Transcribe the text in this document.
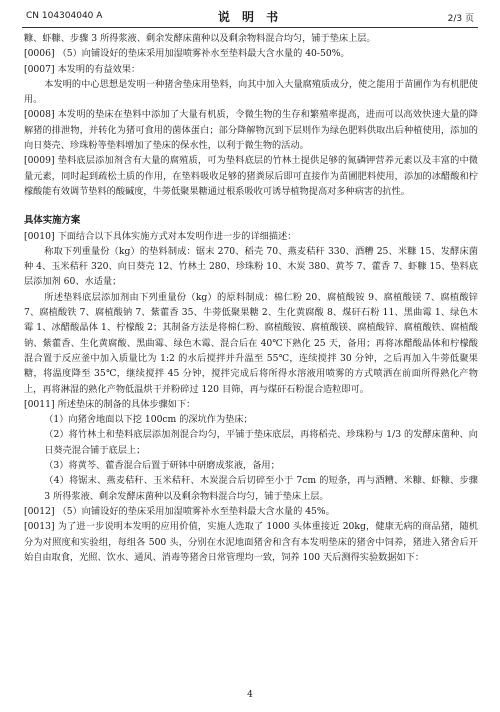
CN 104304040 A	说 明 书	2/3 页

糠、虾糠、步骤 3 所得浆液、剩余发酵床菌种以及剩余物料混合均匀，铺于垫床上层。

[0006] （5）向铺设好的垫床采用加湿喷雾补水至垫料最大含水量的 40-50%。

[0007] 本发明的有益效果：

本发明的中心思想是发明一种猪舍垫床用垫料，向其中加入大量腐殖质成分，使之能用于苗圃作为有机肥使用。

[0008] 本发明的垫床在垫料中添加了大量有机质，令微生物的生存和繁殖率提高，进而可以高效快速大量的降解猪的排泄物，并转化为猪可食用的菌体蛋白；部分降解物沉到下层则作为绿色肥料供取出后种植使用，添加的向日葵壳、珍珠粉等垫料增加了垫床的保水性，以利于微生物的活动。

[0009] 垫料底层添加剂含有大量的腐殖质，可为垫料底层的竹林土提供足够的氮磷钾营养元素以及丰富的中微量元素，同时起到疏松土质的作用，在垫料吸收足够的猪粪尿后即可直接作为苗圃肥料使用，添加的冰醋酸和柠檬酸能有效调节垫料的酸碱度，牛蒡低聚果糖通过根系吸收可诱导植物提高对多种病害的抗性。

具体实施方案

[0010] 下面结合以下具体实施方式对本发明作进一步的详细描述：

称取下列重量份（kg）的垫料制成：锯末 270、稻壳 70、燕麦秸秆 330、酒糟 25、米糠 15、发酵床菌种 4、玉米秸秆 320、向日葵壳 12、竹林土 280、珍珠粉 10、木炭 380、黄芩 7、藿香 7、虾糠 15、垫料底层添加剂 60、水适量；

所述垫料底层添加剂由下列重量份（kg）的原料制成：棉仁粉 20、腐植酸铵 9、腐植酸镁 7、腐植酸锌 7、腐植酸铁 7、腐植酸钠 7、紫藿香 35、牛蒡低聚果糖 2、生化黄腐酸 8、煤矸石粉 11、黑曲霉 1、绿色木霉 1、冰醋酸晶体 1、柠檬酸 2；其制备方法是将棉仁粉、腐植酸铵、腐植酸镁、腐植酸锌、腐植酸铁、腐植酸钠、紫藿香、生化黄腐酸、黑曲霉、绿色木霉、混合后在 40℃下熟化 25 天，备用；再将冰醋酸晶体和柠檬酸混合置于反应釜中加入质量比为 1:2 的水后搅拌并升温至 55℃，连续搅拌 30 分钟，之后再加入牛蒡低聚果糖，将温度降至 35℃，继续搅拌 45 分钟，搅拌完成后将所得水溶液用喷雾的方式喷洒在前面所得熟化产物上，再将淋湿的熟化产物低温烘干并粉碎过 120 目筛，再与煤矸石粉混合造粒即可。

[0011] 所述垫床的制备的具体步骤如下：

（1）向猪舍地面以下挖 100cm 的深坑作为垫床；

（2）将竹林土和垫料底层添加剂混合均匀，平铺于垫床底层，再将稻壳、珍珠粉与 1/3 的发酵床菌种、向日葵壳混合铺于底层上；

（3）将黄芩、藿香混合后置于研钵中研磨成浆液，备用；

（4）将锯末、燕麦秸秆、玉米秸秆、木炭混合后切碎至小于 7cm 的短条，再与酒糟、米糠、虾糠、步骤 3 所得浆液、剩余发酵床菌种以及剩余物料混合均匀，铺于垫床上层。

[0012] （5）向铺设好的垫床采用加湿喷雾补水至垫料最大含水量的 45%。

[0013] 为了进一步说明本发明的应用价值，实施人选取了 1000 头体重接近 20kg，健康无病的商品猪，随机分为对照度和实验组，每组各 500 头，分别在水泥地面猪舍和含有本发明垫床的猪舍中饲养，猪进入猪舍后开始自由取食，光照、饮水、通风、消毒等猪舍日常管理均一致，饲养 100 天后测得实验数据如下：

4
